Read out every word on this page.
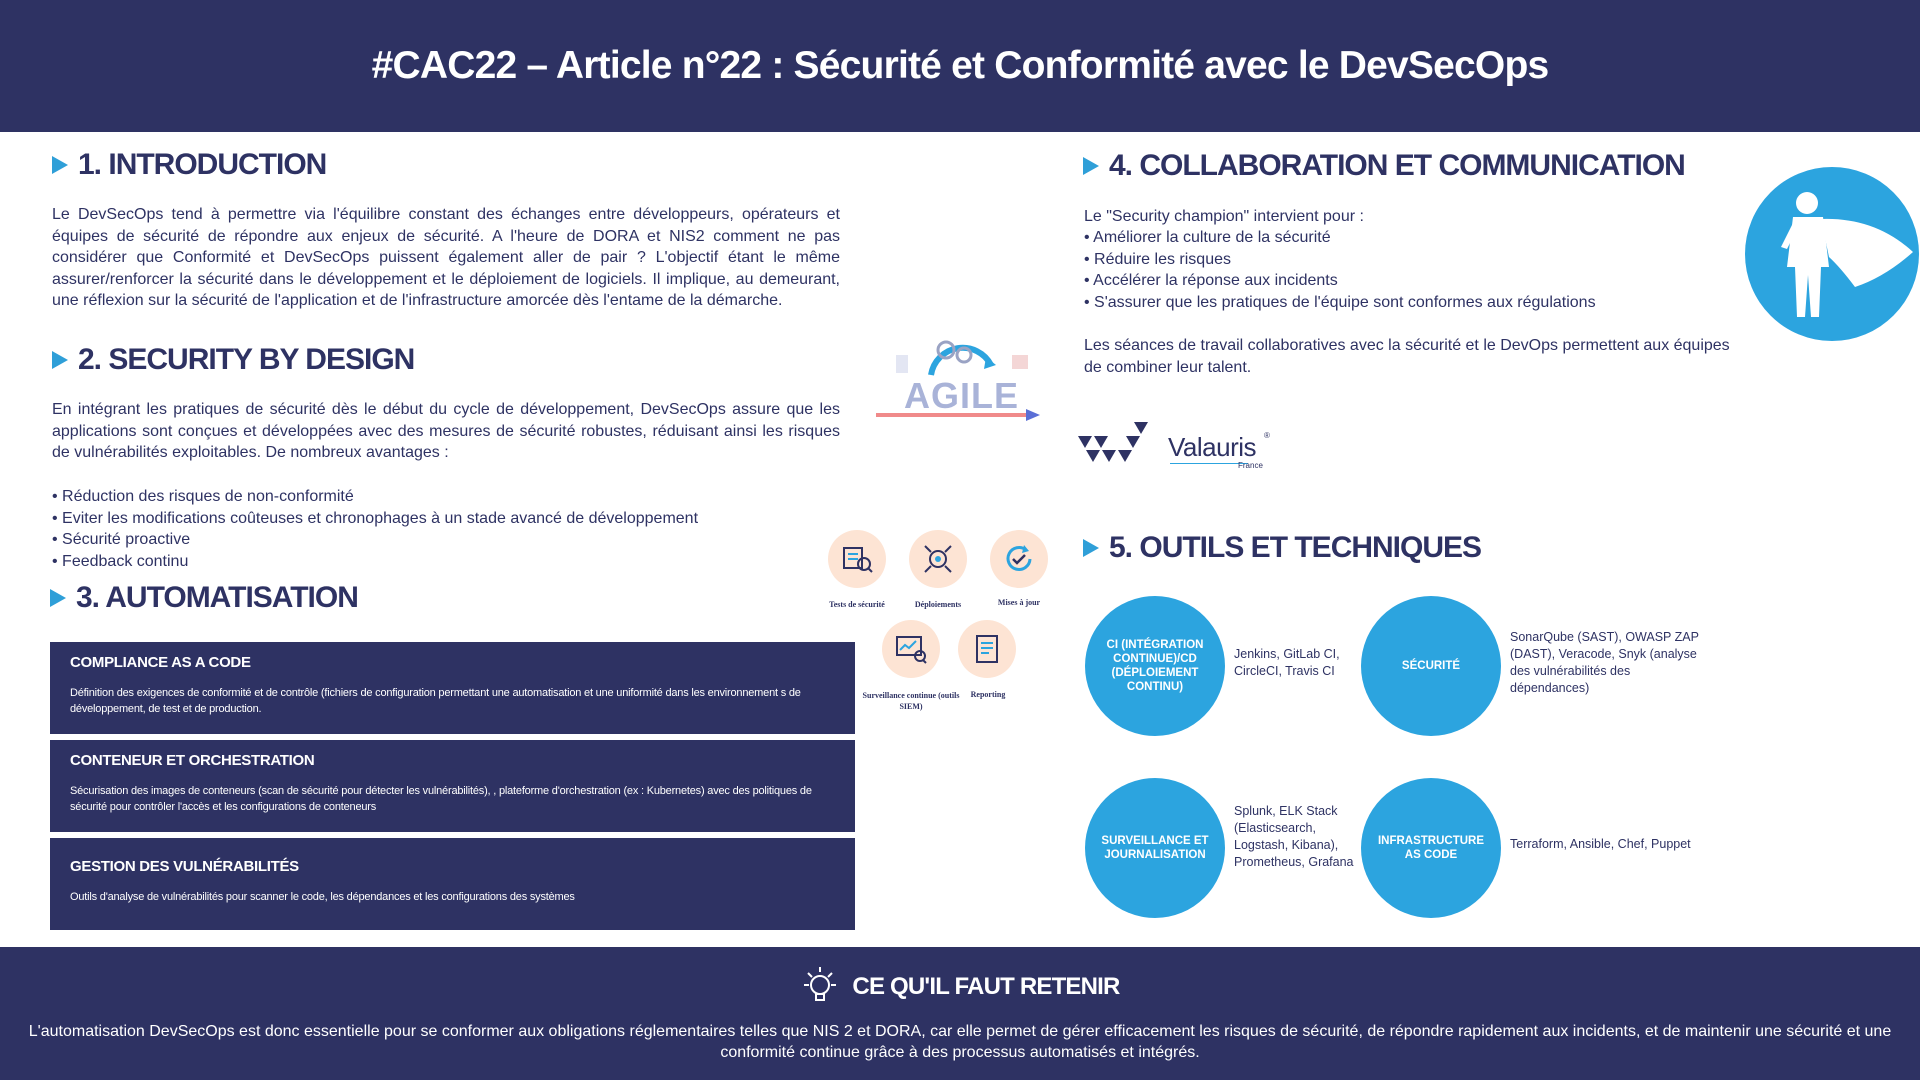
#CAC22 – Article n°22 : Sécurité et Conformité avec le DevSecOps
1. INTRODUCTION

Le DevSecOps tend à permettre via l'équilibre constant des échanges entre développeurs, opérateurs et équipes de sécurité de répondre aux enjeux de sécurité. A l'heure de DORA et NIS2 comment ne pas considérer que Conformité et DevSecOps puissent également aller de pair ? L'objectif étant le même assurer/renforcer la sécurité dans le développement et le déploiement de logiciels. Il implique, au demeurant, une réflexion sur la sécurité de l'application et de l'infrastructure amorcée dès l'entame de la démarche.

2. SECURITY BY DESIGN

En intégrant les pratiques de sécurité dès le début du cycle de développement, DevSecOps assure que les applications sont conçues et développées avec des mesures de sécurité robustes, réduisant ainsi les risques de vulnérabilités exploitables. De nombreux avantages :

• Réduction des risques de non-conformité
• Eviter les modifications coûteuses et chronophages à un stade avancé de développement
• Sécurité proactive
• Feedback continu
AGILE
3. AUTOMATISATION
COMPLIANCE AS A CODE
Définition des exigences de conformité et de contrôle (fichiers de configuration permettant une automatisation et une uniformité dans les environnement s de développement, de test et de production.
CONTENEUR ET ORCHESTRATION
Sécurisation des images de conteneurs (scan de sécurité pour détecter les vulnérabilités), , plateforme d'orchestration (ex : Kubernetes) avec des politiques de sécurité pour contrôler l'accès et les configurations de conteneurs
GESTION DES VULNÉRABILITÉS
Outils d'analyse de vulnérabilités pour scanner le code, les dépendances et les configurations des systèmes
Tests de sécurité	Déploiements	Mises à jour
Surveillance continue (outils SIEM)
Reporting
4. COLLABORATION ET COMMUNICATION

Le "Security champion" intervient pour :

• Améliorer la culture de la sécurité
• Réduire les risques
• Accélérer la réponse aux incidents
• S'assurer que les pratiques de l'équipe sont conformes aux régulations

Les séances de travail collaboratives avec la sécurité et le DevOps permettent aux équipes de combiner leur talent.

Valauris ®
France
5. OUTILS ET TECHNIQUES
CI (INTÉGRATION CONTINUE)/CD (DÉPLOIEMENT CONTINU)
Jenkins, GitLab CI, CircleCI, Travis CI	SÉCURITÉ
SonarQube (SAST), OWASP ZAP (DAST), Veracode, Snyk (analyse des vulnérabilités des dépendances)
SURVEILLANCE ET JOURNALISATION
Splunk, ELK Stack (Elasticsearch, Logstash, Kibana), Prometheus, Grafana
INFRASTRUCTURE AS CODE
Terraform, Ansible, Chef, Puppet
CE QU'IL FAUT RETENIR
L'automatisation DevSecOps est donc essentielle pour se conformer aux obligations réglementaires telles que NIS 2 et DORA, car elle permet de gérer efficacement les risques de sécurité, de répondre rapidement aux incidents, et de maintenir une sécurité et une conformité continue grâce à des processus automatisés et intégrés.
